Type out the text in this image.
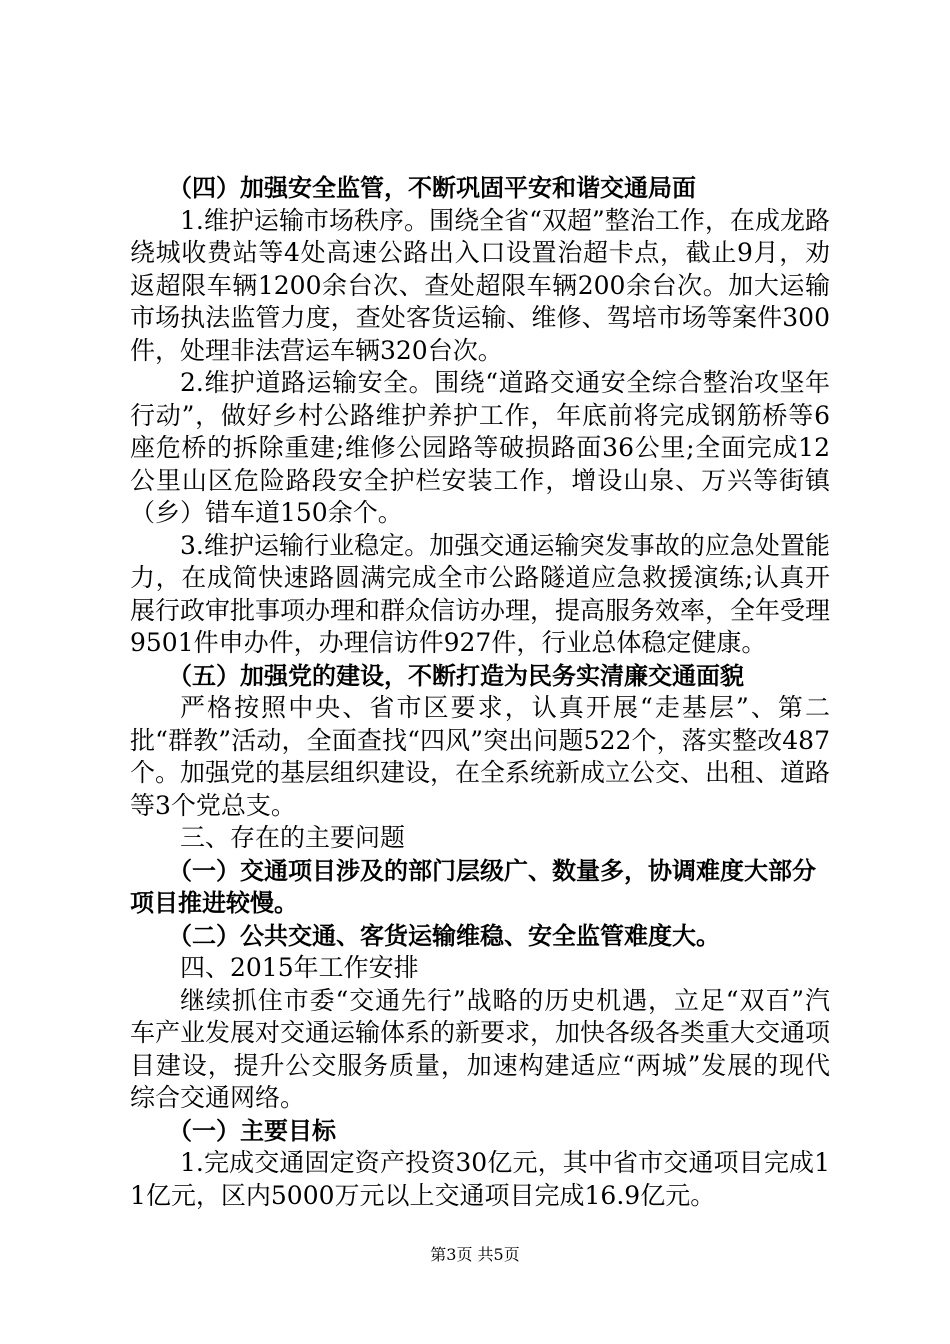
（四）加强安全监管，不断巩固平安和谐交通局面

1.维护运输市场秩序。围绕全省“双超”整治工作，在成龙路绕城收费站等4处高速公路出入口设置治超卡点，截止9月，劝返超限车辆1200余台次、查处超限车辆200余台次。加大运输市场执法监管力度，查处客货运输、维修、驾培市场等案件300件，处理非法营运车辆320台次。

2.维护道路运输安全。围绕“道路交通安全综合整治攻坚年行动”，做好乡村公路维护养护工作，年底前将完成钢筋桥等6座危桥的拆除重建;维修公园路等破损路面36公里;全面完成12公里山区危险路段安全护栏安装工作，增设山泉、万兴等街镇（乡）错车道150余个。

3.维护运输行业稳定。加强交通运输突发事故的应急处置能力，在成简快速路圆满完成全市公路隧道应急救援演练;认真开展行政审批事项办理和群众信访办理，提高服务效率，全年受理9501件申办件，办理信访件927件，行业总体稳定健康。

（五）加强党的建设，不断打造为民务实清廉交通面貌

严格按照中央、省市区要求，认真开展“走基层”、第二批“群教”活动，全面查找“四风”突出问题522个，落实整改487个。加强党的基层组织建设，在全系统新成立公交、出租、道路等3个党总支。

三、存在的主要问题

（一）交通项目涉及的部门层级广、数量多，协调难度大部分项目推进较慢。

（二）公共交通、客货运输维稳、安全监管难度大。

四、2015年工作安排

继续抓住市委“交通先行”战略的历史机遇，立足“双百”汽车产业发展对交通运输体系的新要求，加快各级各类重大交通项目建设，提升公交服务质量，加速构建适应“两城”发展的现代综合交通网络。

（一）主要目标

1.完成交通固定资产投资30亿元，其中省市交通项目完成11亿元，区内5000万元以上交通项目完成16.9亿元。

第3页 共5页
